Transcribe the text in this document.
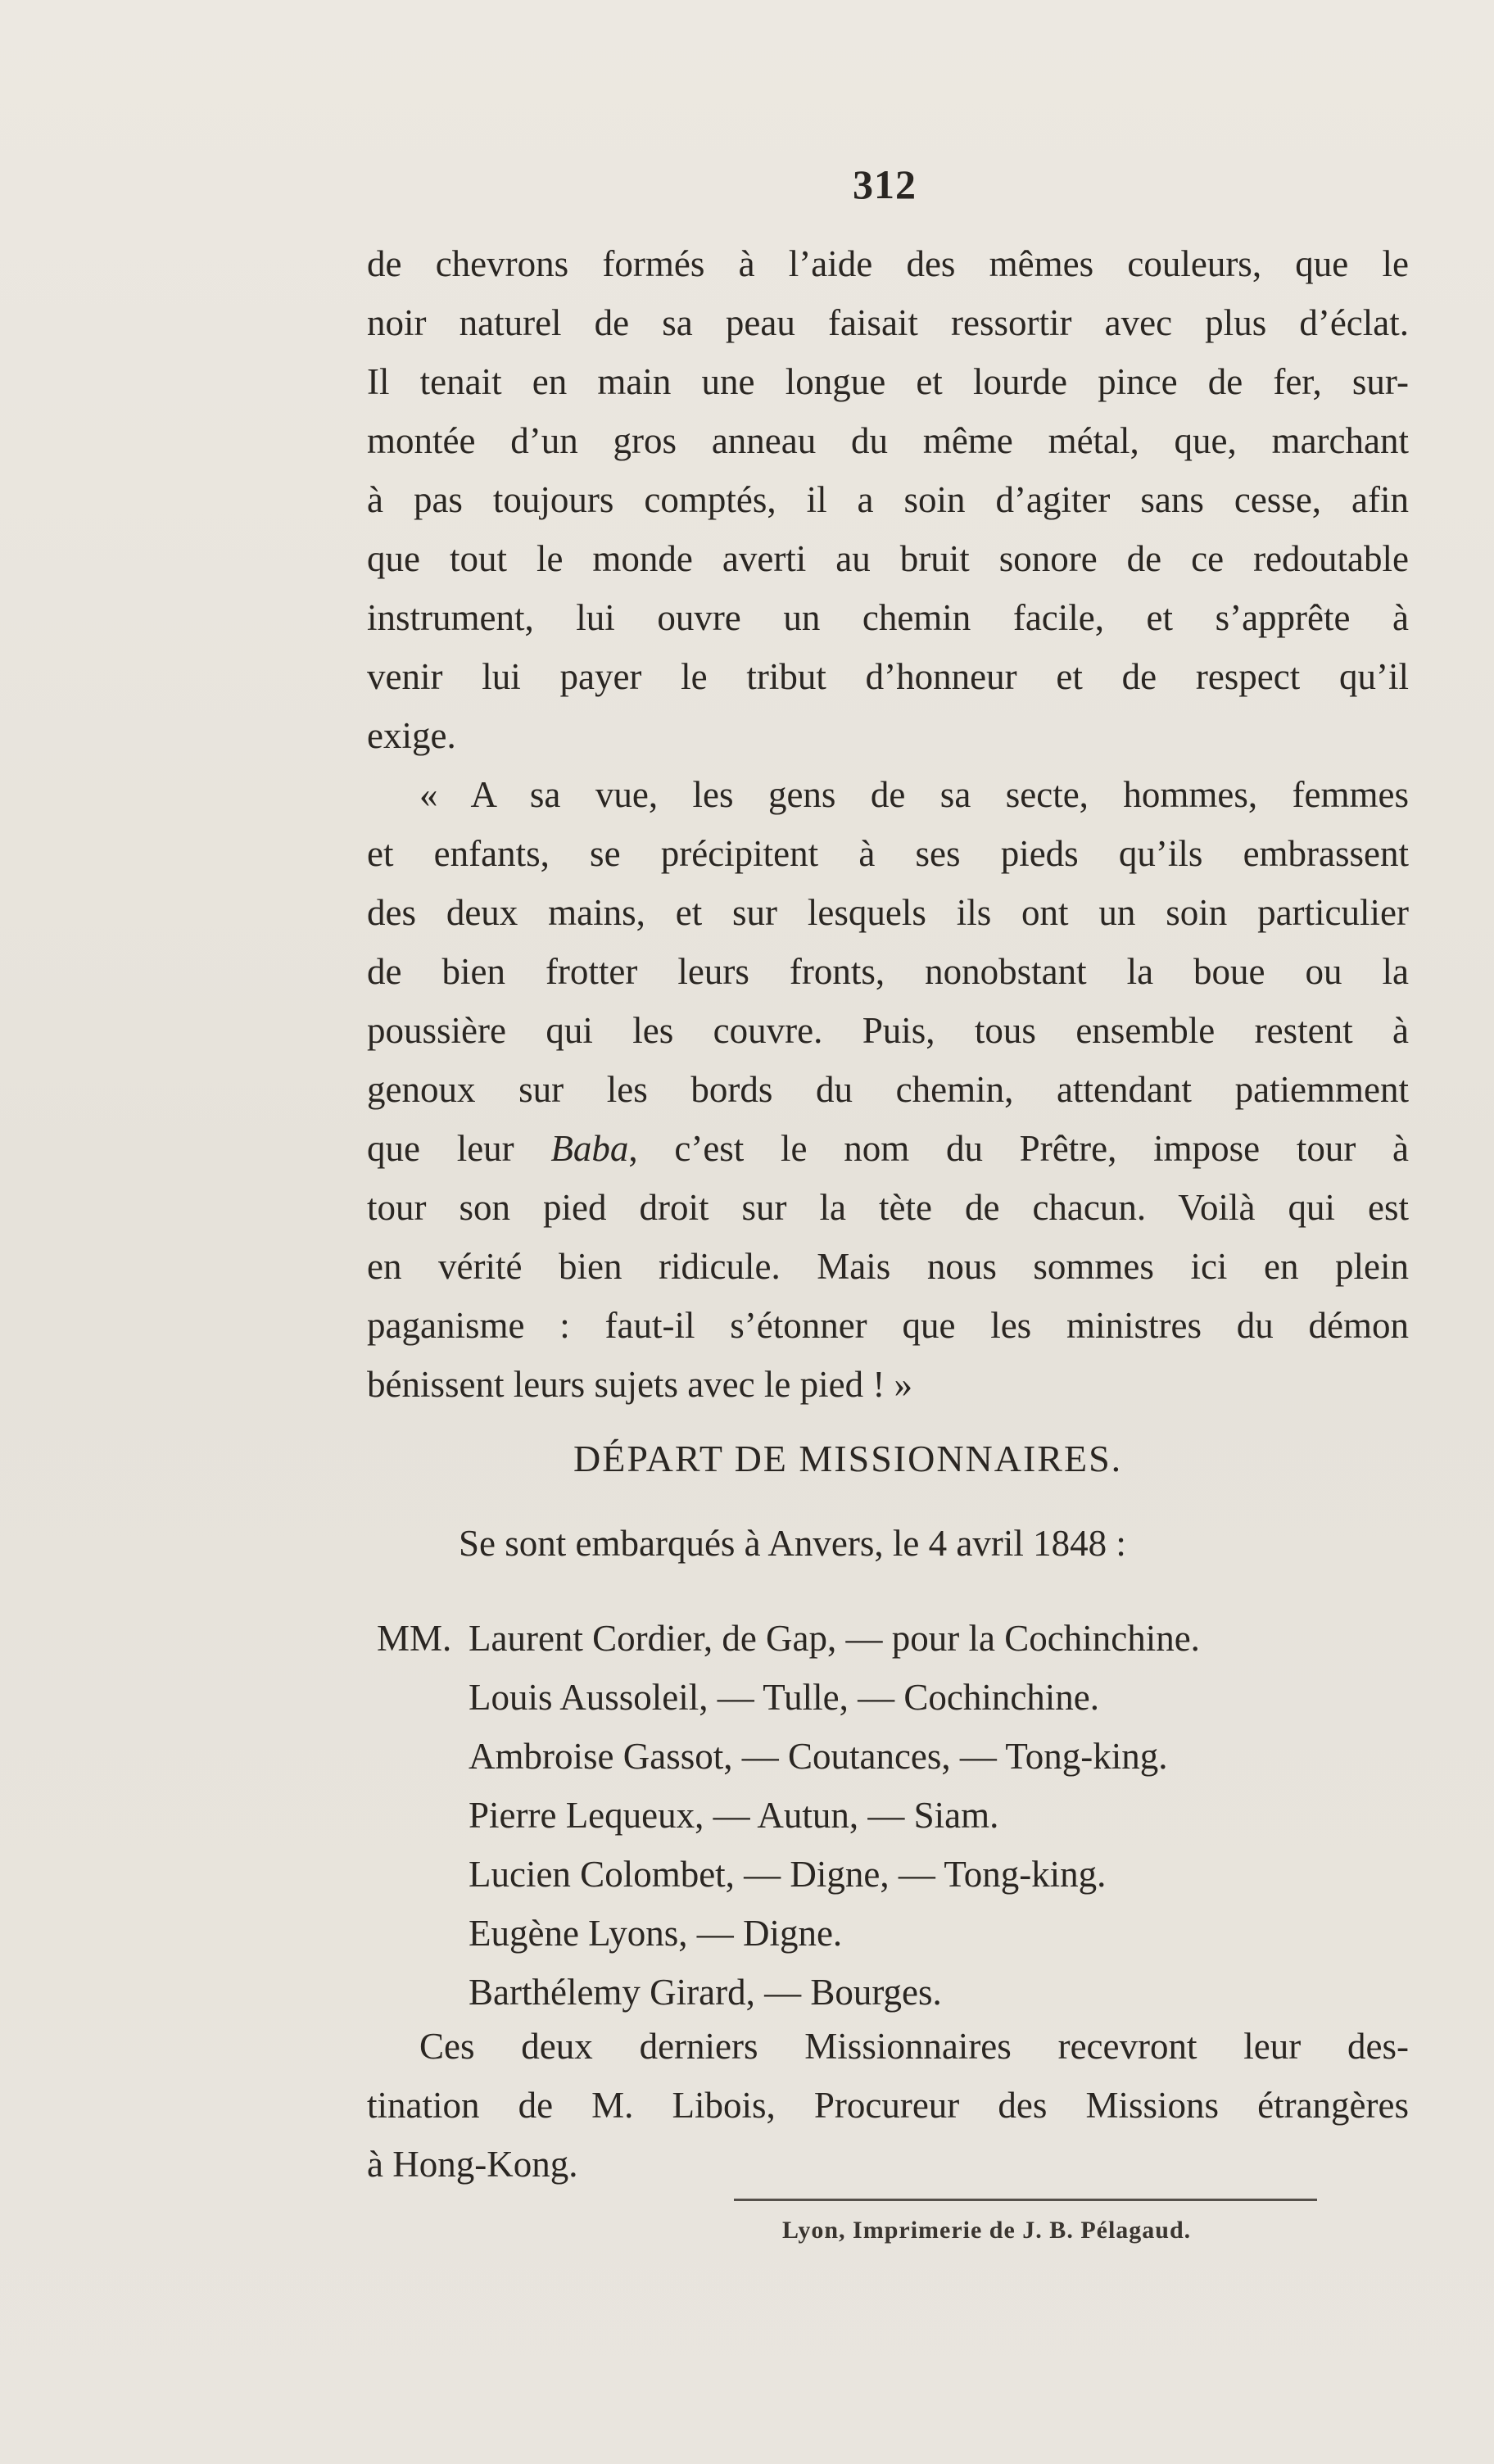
312
de chevrons formés à l’aide des mêmes couleurs, que le
noir naturel de sa peau faisait ressortir avec plus d’éclat.
Il tenait en main une longue et lourde pince de fer, sur-
montée d’un gros anneau du même métal, que, marchant
à pas toujours comptés, il a soin d’agiter sans cesse, afin
que tout le monde averti au bruit sonore de ce redoutable
instrument, lui ouvre un chemin facile, et s’apprête à
venir lui payer le tribut d’honneur et de respect qu’il
exige.
« A sa vue, les gens de sa secte, hommes, femmes
et enfants, se précipitent à ses pieds qu’ils embrassent
des deux mains, et sur lesquels ils ont un soin particulier
de bien frotter leurs fronts, nonobstant la boue ou la
poussière qui les couvre. Puis, tous ensemble restent à
genoux sur les bords du chemin, attendant patiemment
que leur Baba, c’est le nom du Prêtre, impose tour à
tour son pied droit sur la tète de chacun. Voilà qui est
en vérité bien ridicule. Mais nous sommes ici en plein
paganisme : faut-il s’étonner que les ministres du démon
bénissent leurs sujets avec le pied ! »
DÉPART DE MISSIONNAIRES.
Se sont embarqués à Anvers, le 4 avril 1848 :
MM. Laurent Cordier, de Gap, — pour la Cochinchine.
Louis Aussoleil, — Tulle, — Cochinchine.
Ambroise Gassot, — Coutances, — Tong-king.
Pierre Lequeux, — Autun, — Siam.
Lucien Colombet, — Digne, — Tong-king.
Eugène Lyons, — Digne.
Barthélemy Girard, — Bourges.
Ces deux derniers Missionnaires recevront leur des-
tination de M. Libois, Procureur des Missions étrangères
à Hong-Kong.
Lyon, Imprimerie de J. B. Pélagaud.
